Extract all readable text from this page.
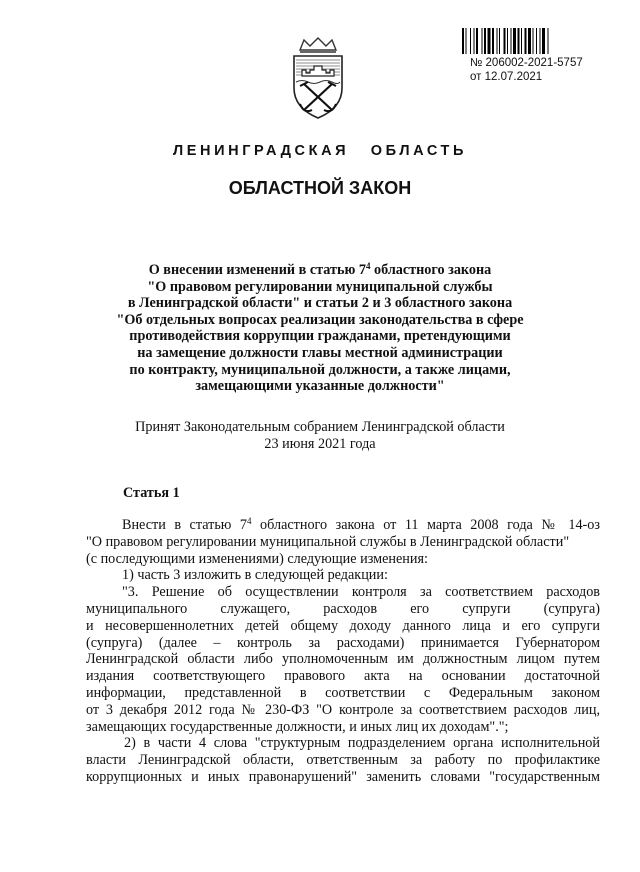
№ 206002-2021-5757
от 12.07.2021
ЛЕНИНГРАДСКАЯ ОБЛАСТЬ
ОБЛАСТНОЙ ЗАКОН
О внесении изменений в статью $7^4$ областного закона
"О правовом регулировании муниципальной службы
в Ленинградской области" и статьи 2 и 3 областного закона
"Об отдельных вопросах реализации законодательства в сфере
противодействия коррупции гражданами, претендующими
на замещение должности главы местной администрации
по контракту, муниципальной должности, а также лицами,
замещающими указанные должности"
Принят Законодательным собранием Ленинградской области
23 июня 2021 года
Статья 1
Внести в статью $7^4$ областного закона от 11 марта 2008 года № 14-оз
"О правовом регулировании муниципальной службы в Ленинградской области"
(с последующими изменениями) следующие изменения:
1) часть 3 изложить в следующей редакции:
"3. Решение об осуществлении контроля за соответствием расходов
муниципального служащего, расходов его супруги (супруга)
и несовершеннолетних детей общему доходу данного лица и его супруги
(супруга) (далее – контроль за расходами) принимается Губернатором
Ленинградской области либо уполномоченным им должностным лицом путем
издания соответствующего правового акта на основании достаточной
информации, представленной в соответствии с Федеральным законом
от 3 декабря 2012 года № 230-ФЗ "О контроле за соответствием расходов лиц,
замещающих государственные должности, и иных лиц их доходам".";
2) в части 4 слова "структурным подразделением органа исполнительной
власти Ленинградской области, ответственным за работу по профилактике
коррупционных и иных правонарушений" заменить словами "государственным
